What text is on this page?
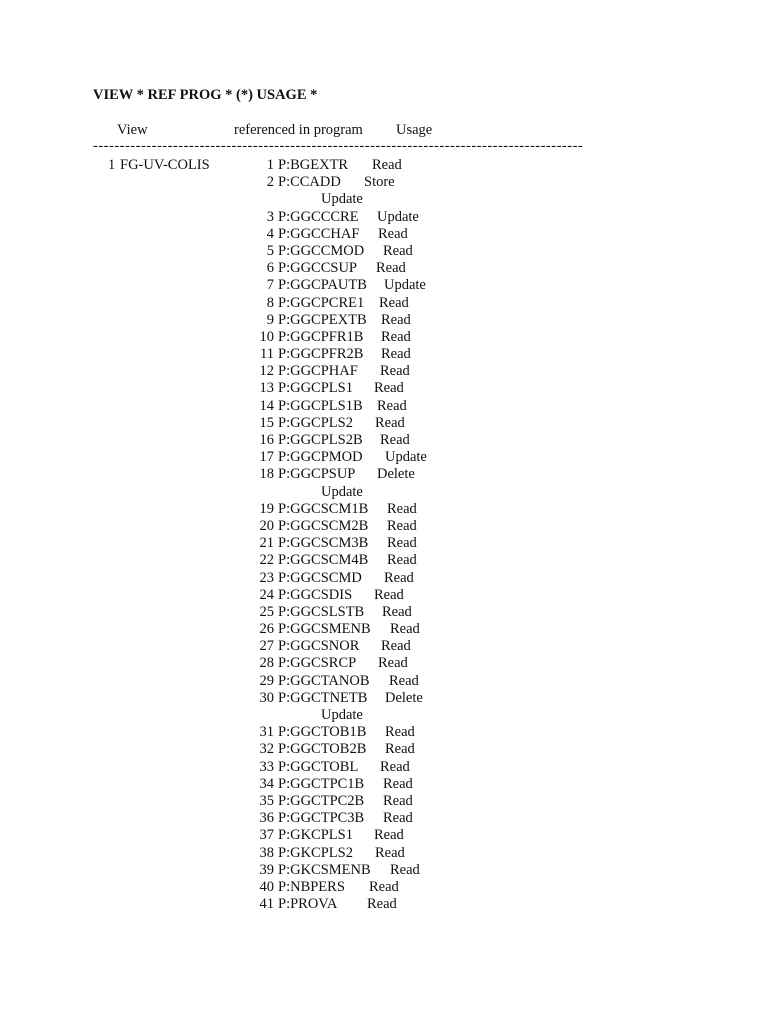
VIEW * REF PROG * (*) USAGE *
View	referenced in program Usage
--------------------------------------------------------------------------------------------
1 FG-UV-COLIS	1 P:BGEXTR Read
2 P:CCADD Store
Update
3 P:GGCCCRE Update
4 P:GGCCHAF Read
5 P:GGCCMOD Read
6 P:GGCCSUP Read
7 P:GGCPAUTB Update
8 P:GGCPCRE1 Read
9 P:GGCPEXTB Read
10 P:GGCPFR1B Read
11 P:GGCPFR2B Read
12 P:GGCPHAF Read
13 P:GGCPLS1 Read
14 P:GGCPLS1B Read
15 P:GGCPLS2 Read
16 P:GGCPLS2B Read
17 P:GGCPMOD Update
18 P:GGCPSUP Delete
Update
19 P:GGCSCM1B Read
20 P:GGCSCM2B Read
21 P:GGCSCM3B Read
22 P:GGCSCM4B Read
23 P:GGCSCMD Read
24 P:GGCSDIS Read
25 P:GGCSLSTB Read
26 P:GGCSMENB Read
27 P:GGCSNOR Read
28 P:GGCSRCP Read
29 P:GGCTANOB Read
30 P:GGCTNETB Delete
Update
31 P:GGCTOB1B Read
32 P:GGCTOB2B Read
33 P:GGCTOBL Read
34 P:GGCTPC1B Read
35 P:GGCTPC2B Read
36 P:GGCTPC3B Read
37 P:GKCPLS1 Read
38 P:GKCPLS2 Read
39 P:GKCSMENB Read
40 P:NBPERS Read
41 P:PROVA Read
